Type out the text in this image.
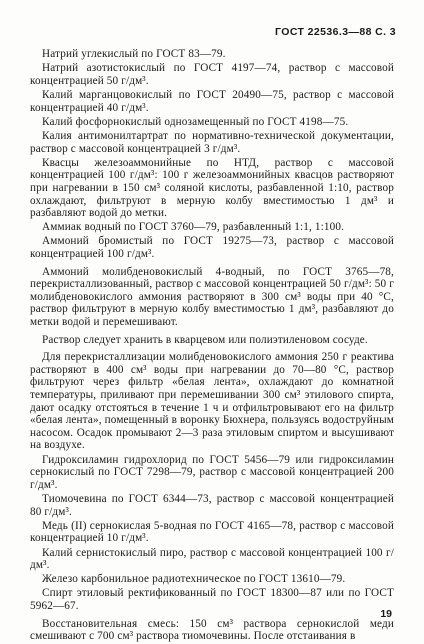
ГОСТ 22536.3—88 С. 3

Натрий углекислый по ГОСТ 83—79.

Натрий азотистокислый по ГОСТ 4197—74, раствор с массовой концентрацией 50 г/дм³.

Калий марганцовокислый по ГОСТ 20490—75, раствор с массовой концентрацией 40 г/дм³.

Калий фосфорнокислый однозамещенный по ГОСТ 4198—75.

Калия антимонилтартрат по нормативно-технической документации, раствор с массовой концентрацией 3 г/дм³.

Квасцы железоаммонийные по НТД, раствор с массовой концентрацией 100 г/дм³: 100 г железоаммонийных квасцов растворяют при нагревании в 150 см³ соляной кислоты, разбавленной 1:10, раствор охлаждают, фильтруют в мерную колбу вместимостью 1 дм³ и разбавляют водой до метки.

Аммиак водный по ГОСТ 3760—79, разбавленный 1:1, 1:100.

Аммоний бромистый по ГОСТ 19275—73, раствор с массовой концентрацией 100 г/дм³.

Аммоний молибденовокислый 4-водный, по ГОСТ 3765—78, перекристаллизованный, раствор с массовой концентрацией 50 г/дм³: 50 г молибденовокислого аммония растворяют в 300 см³ воды при 40 °С, раствор фильтруют в мерную колбу вместимостью 1 дм³, разбавляют до метки водой и перемешивают.

Раствор следует хранить в кварцевом или полиэтиленовом сосуде.

Для перекристаллизации молибденовокислого аммония 250 г реактива растворяют в 400 см³ воды при нагревании до 70—80 °С, раствор фильтруют через фильтр «белая лента», охлаждают до комнатной температуры, приливают при перемешивании 300 см³ этилового спирта, дают осадку отстояться в течение 1 ч и отфильтровывают его на фильтр «белая лента», помещенный в воронку Бюхнера, пользуясь водоструйным насосом. Осадок промывают 2—3 раза этиловым спиртом и высушивают на воздухе.

Гидроксиламин гидрохлорид по ГОСТ 5456—79 или гидроксиламин сернокислый по ГОСТ 7298—79, раствор с массовой концентрацией 200 г/дм³.

Тиомочевина по ГОСТ 6344—73, раствор с массовой концентрацией 80 г/дм³.

Медь (II) сернокислая 5-водная по ГОСТ 4165—78, раствор с массовой концентрацией 10 г/дм³.

Калий сернистокислый пиро, раствор с массовой концентрацией 100 г/дм³.

Железо карбонильное радиотехническое по ГОСТ 13610—79.

Спирт этиловый ректификованный по ГОСТ 18300—87 или по ГОСТ 5962—67.

Восстановительная смесь: 150 см³ раствора сернокислой меди смешивают с 700 см³ раствора тиомочевины. После отстаивания в

19
